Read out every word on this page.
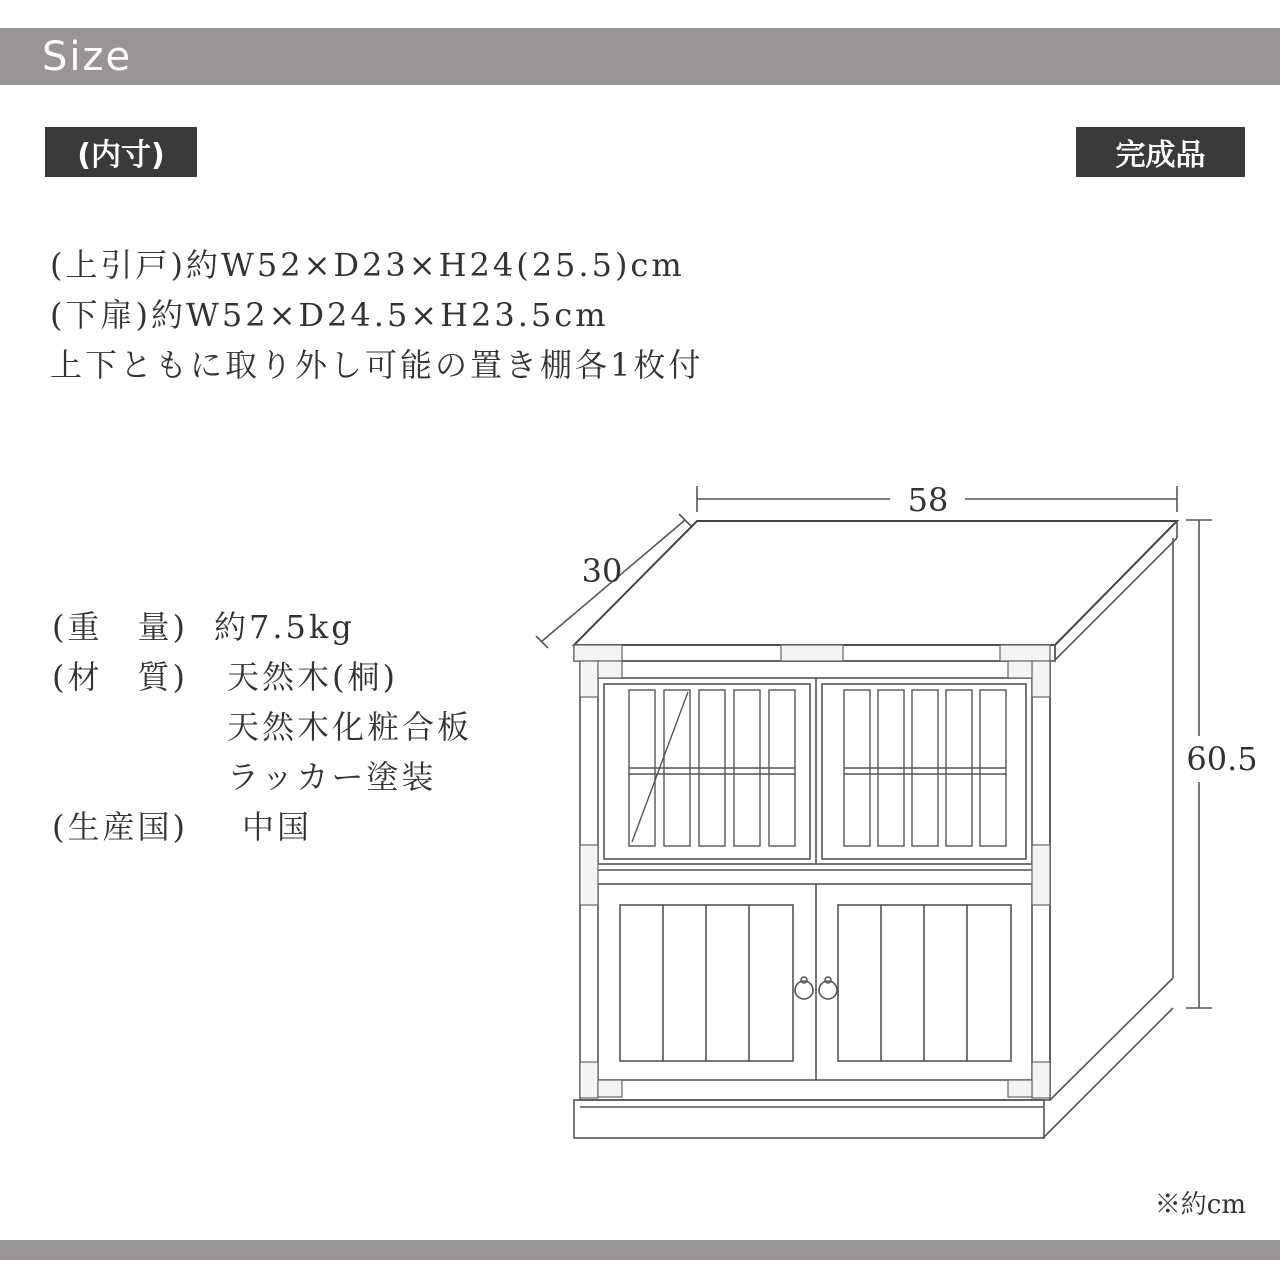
Size
(内寸)	完成品
(上引戸)約W52×D23×H24(25.5)cm
(下扉)約W52×D24.5×H23.5cm
上下ともに取り外し可能の置き棚各1枚付
(重　量) 約7.5kg
(材　質) 天然木(桐)
天然木化粧合板
ラッカー塗装
(生産国) 中国
58
30
60.5
※約cm
